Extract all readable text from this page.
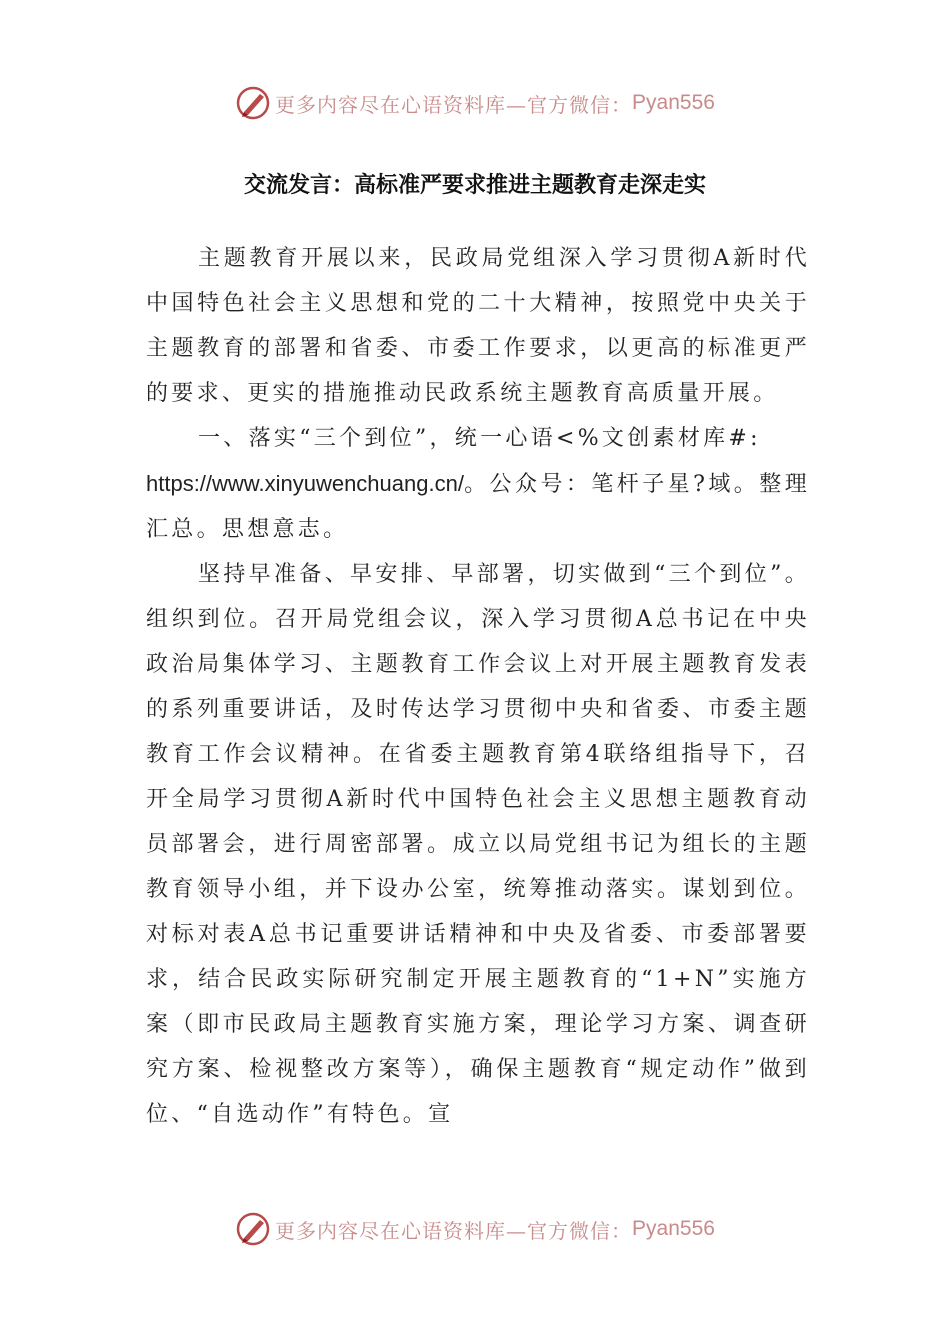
更多内容尽在心语资料库—官方微信： Pyan556
交流发言：高标准严要求推进主题教育走深走实

主题教育开展以来，民政局党组深入学习贯彻A新时代中国特色社会主义思想和党的二十大精神，按照党中央关于主题教育的部署和省委、市委工作要求，以更高的标准更严的要求、更实的措施推动民政系统主题教育高质量开展。

一、落实“三个到位”，统一心语<%文创素材库#:

https://www.xinyuwenchuang.cn/。公众号：笔杆子星?域。整理汇总。思想意志。

坚持早准备、早安排、早部署，切实做到“三个到位”。组织到位。召开局党组会议，深入学习贯彻A总书记在中央政治局集体学习、主题教育工作会议上对开展主题教育发表的系列重要讲话，及时传达学习贯彻中央和省委、市委主题教育工作会议精神。在省委主题教育第4联络组指导下，召开全局学习贯彻A新时代中国特色社会主义思想主题教育动员部署会，进行周密部署。成立以局党组书记为组长的主题教育领导小组，并下设办公室，统筹推动落实。谋划到位。对标对表A总书记重要讲话精神和中央及省委、市委部署要求，结合民政实际研究制定开展主题教育的“1+N”实施方案（即市民政局主题教育实施方案，理论学习方案、调查研究方案、检视整改方案等），确保主题教育“规定动作”做到位、“自选动作”有特色。宣

更多内容尽在心语资料库—官方微信： Pyan556
